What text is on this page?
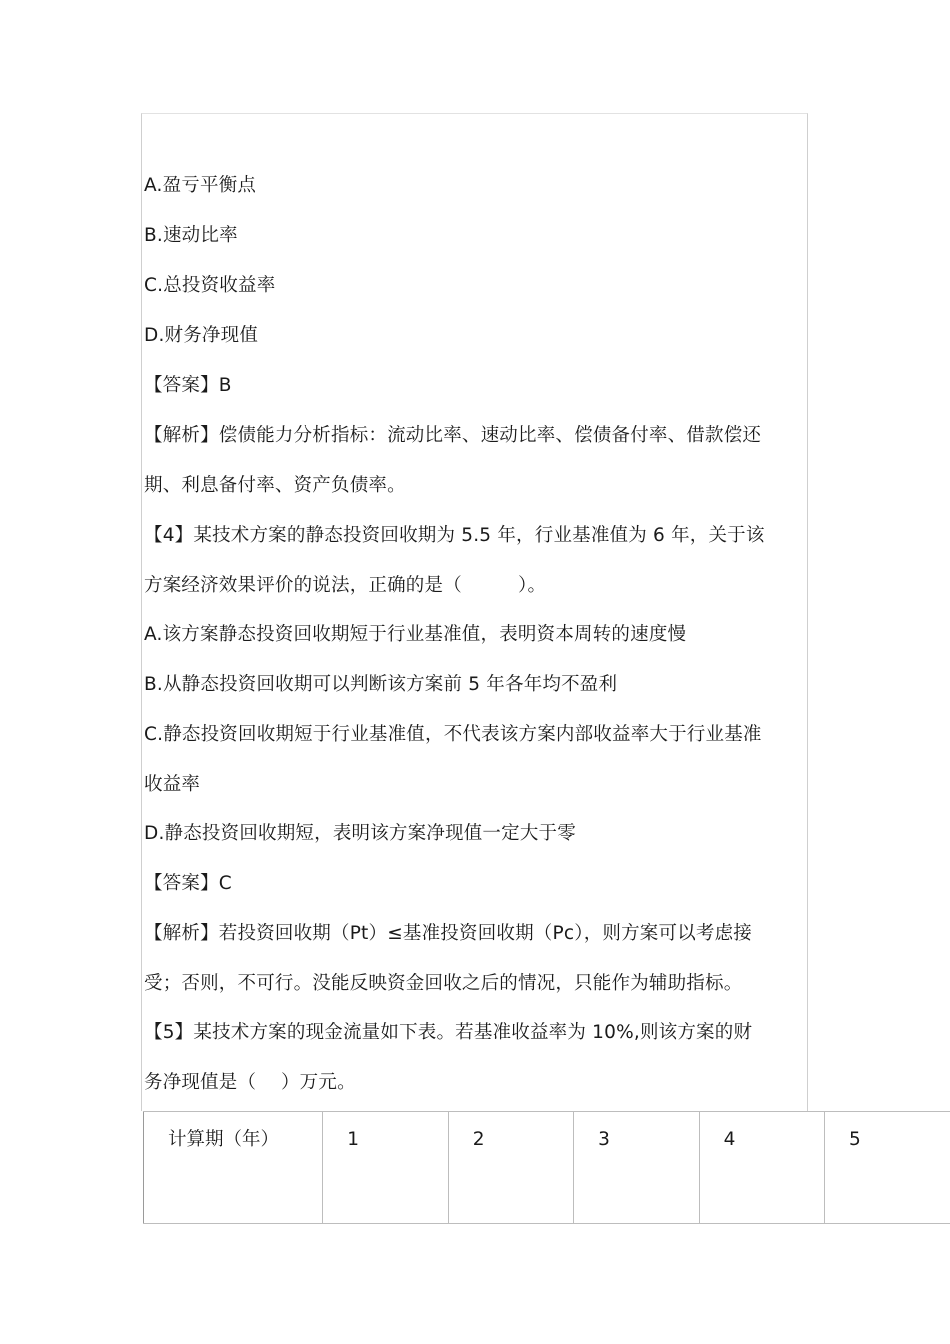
A.盈亏平衡点
B.速动比率
C.总投资收益率
D.财务净现值
【答案】B
【解析】偿债能力分析指标：流动比率、速动比率、偿债备付率、借款偿还
期、利息备付率、资产负债率。
【4】某技术方案的静态投资回收期为 5.5 年，行业基准值为 6 年，关于该
方案经济效果评价的说法，正确的是（　　　）。
A.该方案静态投资回收期短于行业基准值，表明资本周转的速度慢
B.从静态投资回收期可以判断该方案前 5 年各年均不盈利
C.静态投资回收期短于行业基准值，不代表该方案内部收益率大于行业基准
收益率
D.静态投资回收期短，表明该方案净现值一定大于零
【答案】C
【解析】若投资回收期（Pt）≤基准投资回收期（Pc），则方案可以考虑接
受；否则，不可行。没能反映资金回收之后的情况，只能作为辅助指标。
【5】某技术方案的现金流量如下表。若基准收益率为 10%,则该方案的财
务净现值是（　 ）万元。
计算期（年）	1	2	3	4	5
